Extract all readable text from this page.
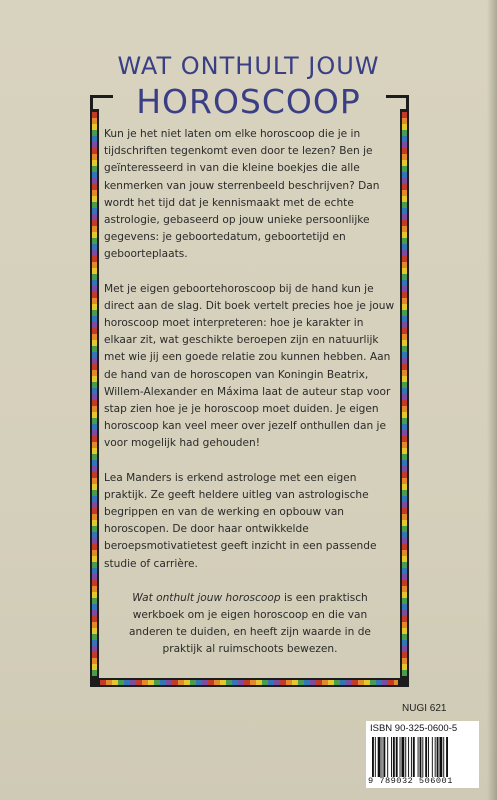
WAT ONTHULT JOUW
HOROSCOOP

Kun je het niet laten om elke horoscoop die je in tijdschriften tegenkomt even door te lezen? Ben je geïnteresseerd in van die kleine boekjes die alle kenmerken van jouw sterrenbeeld beschrijven? Dan wordt het tijd dat je kennismaakt met de echte astrologie, gebaseerd op jouw unieke persoonlijke gegevens: je geboortedatum, geboortetijd en geboorteplaats.

Met je eigen geboortehoroscoop bij de hand kun je direct aan de slag. Dit boek vertelt precies hoe je jouw horoscoop moet interpreteren: hoe je karakter in elkaar zit, wat geschikte beroepen zijn en natuurlijk met wie jij een goede relatie zou kunnen hebben. Aan de hand van de horoscopen van Koningin Beatrix, Willem-Alexander en Máxima laat de auteur stap voor stap zien hoe je je horoscoop moet duiden. Je eigen horoscoop kan veel meer over jezelf onthullen dan je voor mogelijk had gehouden!

Lea Manders is erkend astrologe met een eigen praktijk. Ze geeft heldere uitleg van astrologische begrippen en van de werking en opbouw van horoscopen. De door haar ontwikkelde beroepsmotivatietest geeft inzicht in een passende studie of carrière.

Wat onthult jouw horoscoop is een praktisch werkboek om je eigen horoscoop en die van anderen te duiden, en heeft zijn waarde in de praktijk al ruimschoots bewezen.

NUGI 621
ISBN 90-325-0600-5
9 789032 506001
